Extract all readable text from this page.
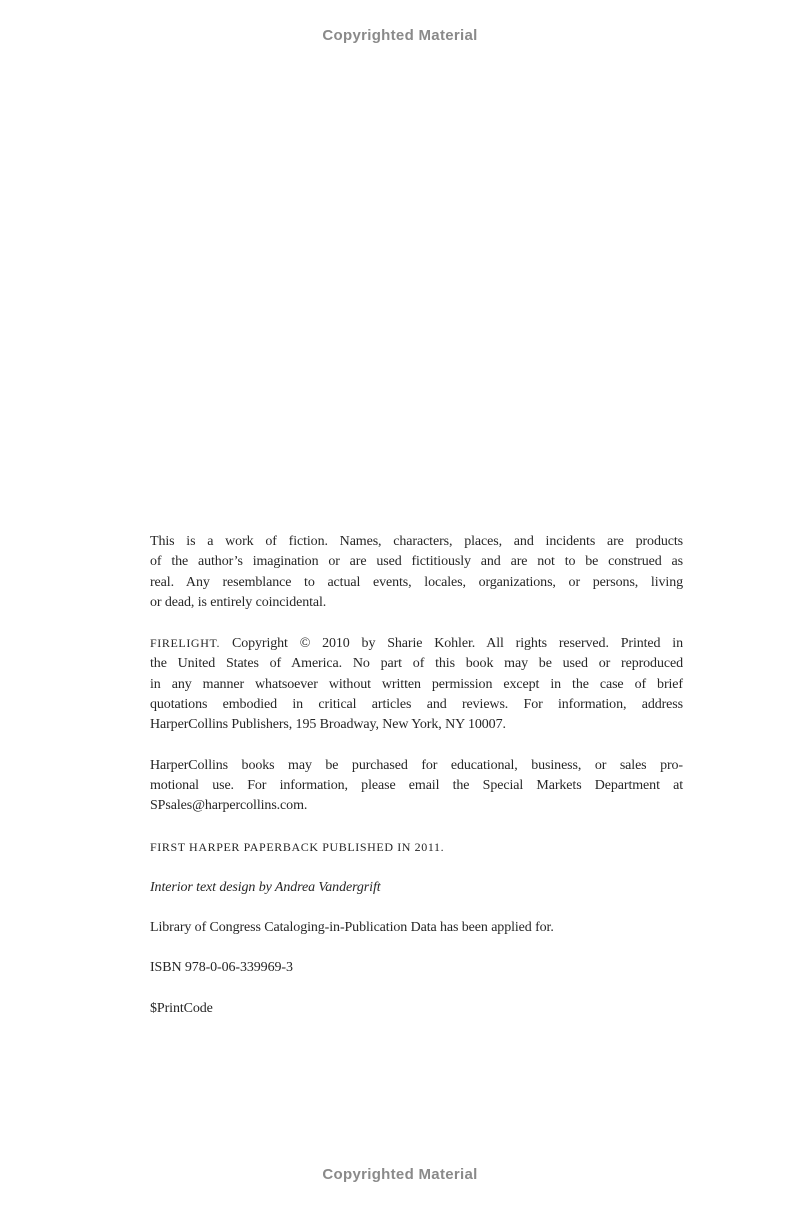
Copyrighted Material
This is a work of fiction. Names, characters, places, and incidents are products
of the author’s imagination or are used fictitiously and are not to be construed as
real. Any resemblance to actual events, locales, organizations, or persons, living
or dead, is entirely coincidental.
FIRELIGHT. Copyright © 2010 by Sharie Kohler. All rights reserved. Printed in
the United States of America. No part of this book may be used or reproduced
in any manner whatsoever without written permission except in the case of brief
quotations embodied in critical articles and reviews. For information, address
HarperCollins Publishers, 195 Broadway, New York, NY 10007.
HarperCollins books may be purchased for educational, business, or sales pro-
motional use. For information, please email the Special Markets Department at
SPsales@harpercollins.com.
FIRST HARPER PAPERBACK PUBLISHED IN 2011.
Interior text design by Andrea Vandergrift
Library of Congress Cataloging-in-Publication Data has been applied for.
ISBN 978-0-06-339969-3
$PrintCode
Copyrighted Material
